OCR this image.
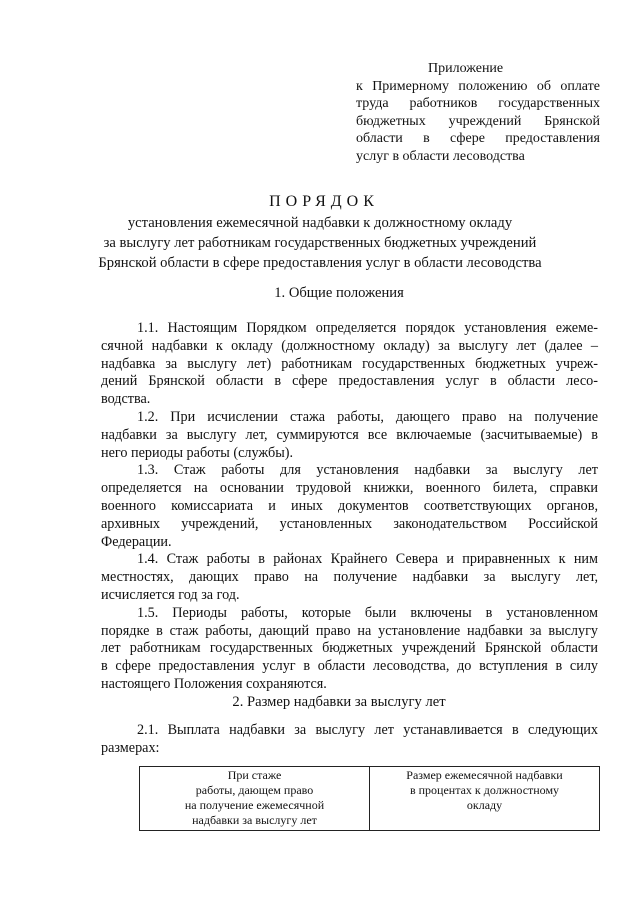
Приложение
к Примерному положению об оплате
труда работников государственных
бюджетных учреждений Брянской
области в сфере предоставления
услуг в области лесоводства
ПОРЯДОК
установления ежемесячной надбавки к должностному окладу
за выслугу лет работникам государственных бюджетных учреждений
Брянской области в сфере предоставления услуг в области лесоводства
1. Общие положения
1.1. Настоящим Порядком определяется порядок установления ежеме-
сячной надбавки к окладу (должностному окладу) за выслугу лет (далее –
надбавка за выслугу лет) работникам государственных бюджетных учреж-
дений Брянской области в сфере предоставления услуг в области лесо-
водства.
1.2. При исчислении стажа работы, дающего право на получение
надбавки за выслугу лет, суммируются все включаемые (засчитываемые) в
него периоды работы (службы).
1.3. Стаж работы для установления надбавки за выслугу лет
определяется на основании трудовой книжки, военного билета, справки
военного комиссариата и иных документов соответствующих органов,
архивных учреждений, установленных законодательством Российской
Федерации.
1.4. Стаж работы в районах Крайнего Севера и приравненных к ним
местностях, дающих право на получение надбавки за выслугу лет,
исчисляется год за год.
1.5. Периоды работы, которые были включены в установленном
порядке в стаж работы, дающий право на установление надбавки за выслугу
лет работникам государственных бюджетных учреждений Брянской области
в сфере предоставления услуг в области лесоводства, до вступления в силу
настоящего Положения сохраняются.
2. Размер надбавки за выслугу лет
2.1. Выплата надбавки за выслугу лет устанавливается в следующих
размерах:
При стаже
работы, дающем право
на получение ежемесячной
надбавки за выслугу лет
Размер ежемесячной надбавки
в процентах к должностному
окладу
